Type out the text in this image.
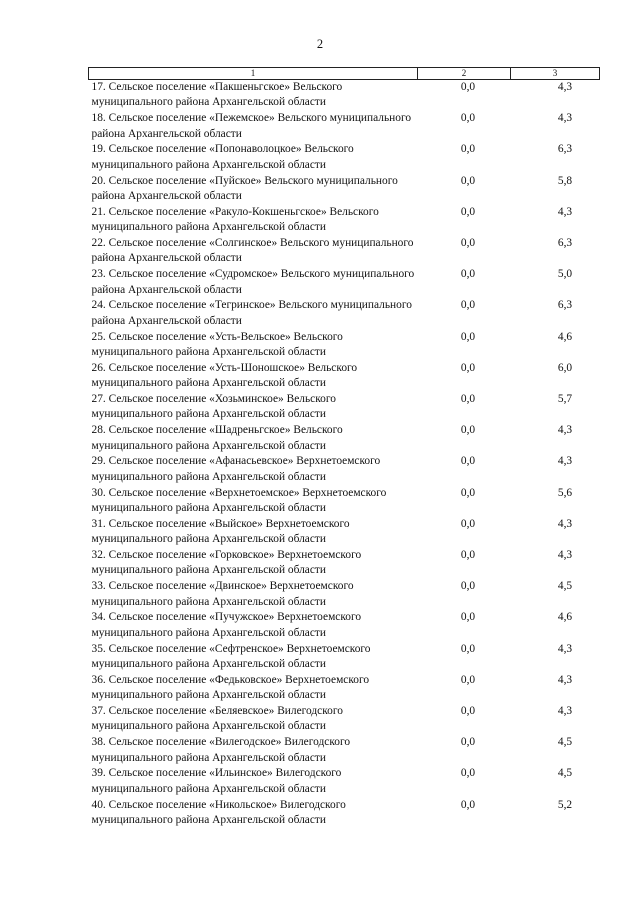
2
1	2	3
17. Сельское поселение «Пакшеньгское» Вельского муниципального района Архангельской области	0,0	4,3
18. Сельское поселение «Пежемское» Вельского муниципального района Архангельской области	0,0	4,3
19. Сельское поселение «Попонаволоцкое» Вельского муниципального района Архангельской области	0,0	6,3
20. Сельское поселение «Пуйское» Вельского муниципального района Архангельской области	0,0	5,8
21. Сельское поселение «Ракуло-Кокшеньгское» Вельского муниципального района Архангельской области	0,0	4,3
22. Сельское поселение «Солгинское» Вельского муниципального района Архангельской области	0,0	6,3
23. Сельское поселение «Судромское» Вельского муниципального района Архангельской области	0,0	5,0
24. Сельское поселение «Тегринское» Вельского муниципального района Архангельской области	0,0	6,3
25. Сельское поселение «Усть-Вельское» Вельского муниципального района Архангельской области	0,0	4,6
26. Сельское поселение «Усть-Шоношское» Вельского муниципального района Архангельской области	0,0	6,0
27. Сельское поселение «Хозьминское» Вельского муниципального района Архангельской области	0,0	5,7
28. Сельское поселение «Шадреньгское» Вельского муниципального района Архангельской области	0,0	4,3
29. Сельское поселение «Афанасьевское» Верхнетоемского муниципального района Архангельской области	0,0	4,3
30. Сельское поселение «Верхнетоемское» Верхнетоемского муниципального района Архангельской области	0,0	5,6
31. Сельское поселение «Выйское» Верхнетоемского муниципального района Архангельской области	0,0	4,3
32. Сельское поселение «Горковское» Верхнетоемского муниципального района Архангельской области	0,0	4,3
33. Сельское поселение «Двинское» Верхнетоемского муниципального района Архангельской области	0,0	4,5
34. Сельское поселение «Пучужское» Верхнетоемского муниципального района Архангельской области	0,0	4,6
35. Сельское поселение «Сефтренское» Верхнетоемского муниципального района Архангельской области	0,0	4,3
36. Сельское поселение «Федьковское» Верхнетоемского муниципального района Архангельской области	0,0	4,3
37. Сельское поселение «Беляевское» Вилегодского муниципального района Архангельской области	0,0	4,3
38. Сельское поселение «Вилегодское» Вилегодского муниципального района Архангельской области	0,0	4,5
39. Сельское поселение «Ильинское» Вилегодского муниципального района Архангельской области	0,0	4,5
40. Сельское поселение «Никольское» Вилегодского муниципального района Архангельской области	0,0	5,2
